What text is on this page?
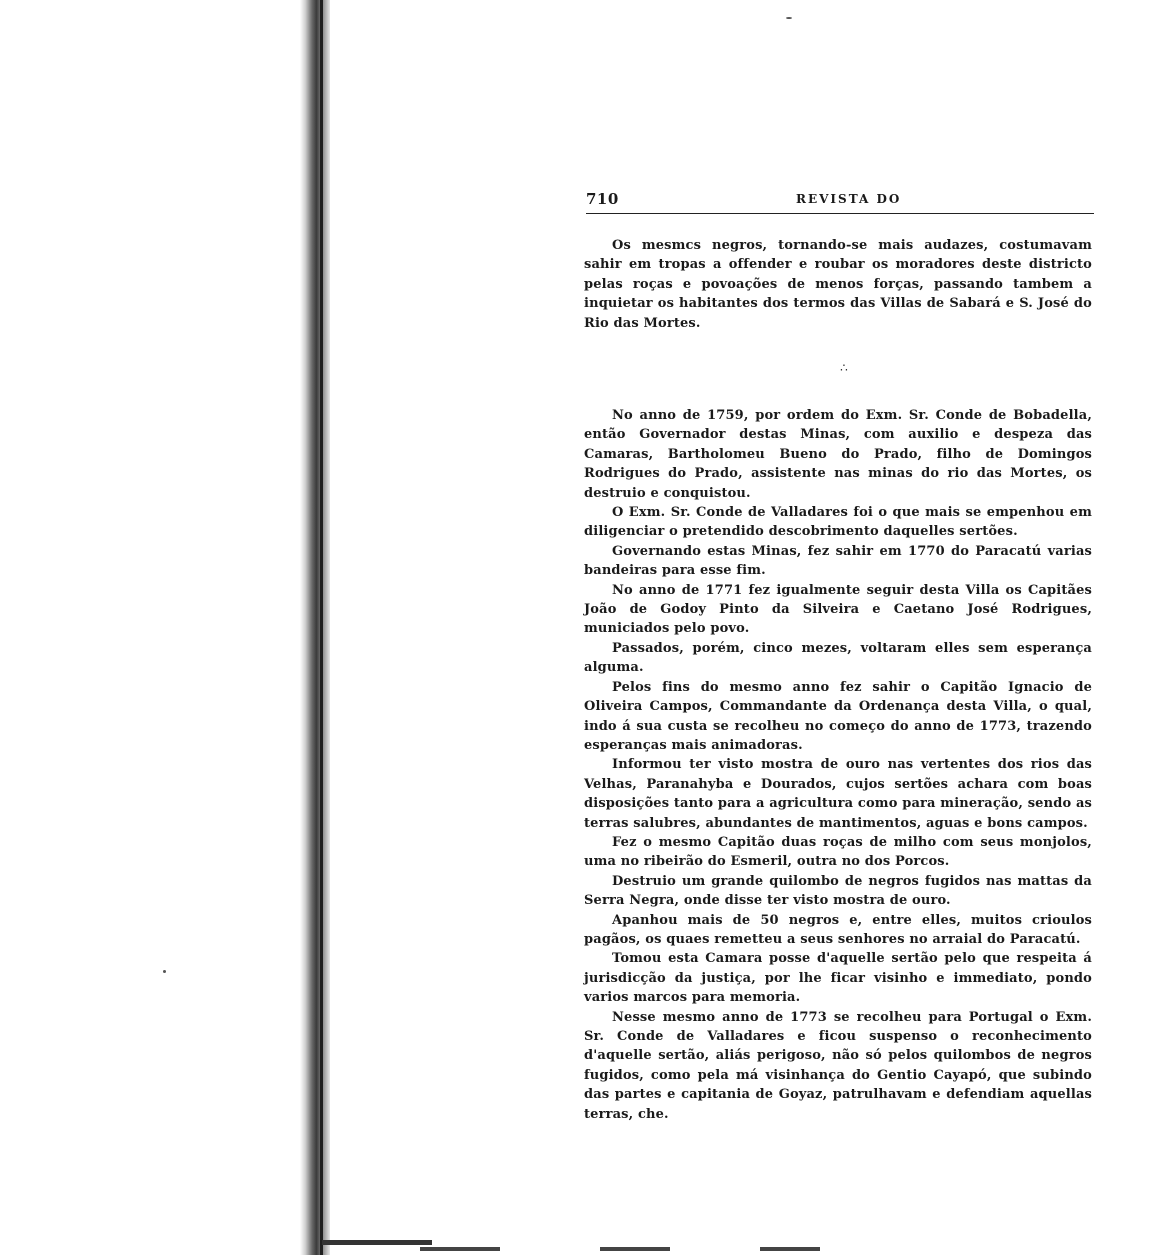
710	REVISTA DO

Os mesmcs negros, tornando-se mais audazes, costumavam sahir em tropas a offender e roubar os moradores deste districto pelas roças e povoações de menos forças, passando tambem a inquietar os habitantes dos termos das Villas de Sabará e S. José do Rio das Mortes.

∴

No anno de 1759, por ordem do Exm. Sr. Conde de Bobadella, então Governador destas Minas, com auxilio e despeza das Camaras, Bartholomeu Bueno do Prado, filho de Domingos Rodrigues do Prado, assistente nas minas do rio das Mortes, os destruio e conquistou.

O Exm. Sr. Conde de Valladares foi o que mais se empenhou em diligenciar o pretendido descobrimento daquelles sertões.

Governando estas Minas, fez sahir em 1770 do Paracatú varias bandeiras para esse fim.

No anno de 1771 fez igualmente seguir desta Villa os Capitães João de Godoy Pinto da Silveira e Caetano José Rodrigues, municiados pelo povo.

Passados, porém, cinco mezes, voltaram elles sem esperança alguma.

Pelos fins do mesmo anno fez sahir o Capitão Ignacio de Oliveira Campos, Commandante da Ordenança desta Villa, o qual, indo á sua custa se recolheu no começo do anno de 1773, trazendo esperanças mais animadoras.

Informou ter visto mostra de ouro nas vertentes dos rios das Velhas, Paranahyba e Dourados, cujos sertões achara com boas disposições tanto para a agricultura como para mineração, sendo as terras salubres, abundantes de mantimentos, aguas e bons campos.

Fez o mesmo Capitão duas roças de milho com seus monjolos, uma no ribeirão do Esmeril, outra no dos Porcos.

Destruio um grande quilombo de negros fugidos nas mattas da Serra Negra, onde disse ter visto mostra de ouro.

Apanhou mais de 50 negros e, entre elles, muitos crioulos pagãos, os quaes remetteu a seus senhores no arraial do Paracatú.

Tomou esta Camara posse d'aquelle sertão pelo que respeita á jurisdicção da justiça, por lhe ficar visinho e immediato, pondo varios marcos para memoria.

Nesse mesmo anno de 1773 se recolheu para Portugal o Exm. Sr. Conde de Valladares e ficou suspenso o reconhecimento d'aquelle sertão, aliás perigoso, não só pelos quilombos de negros fugidos, como pela má visinhança do Gentio Cayapó, que subindo das partes e capitania de Goyaz, patrulhavam e defendiam aquellas terras, che.
